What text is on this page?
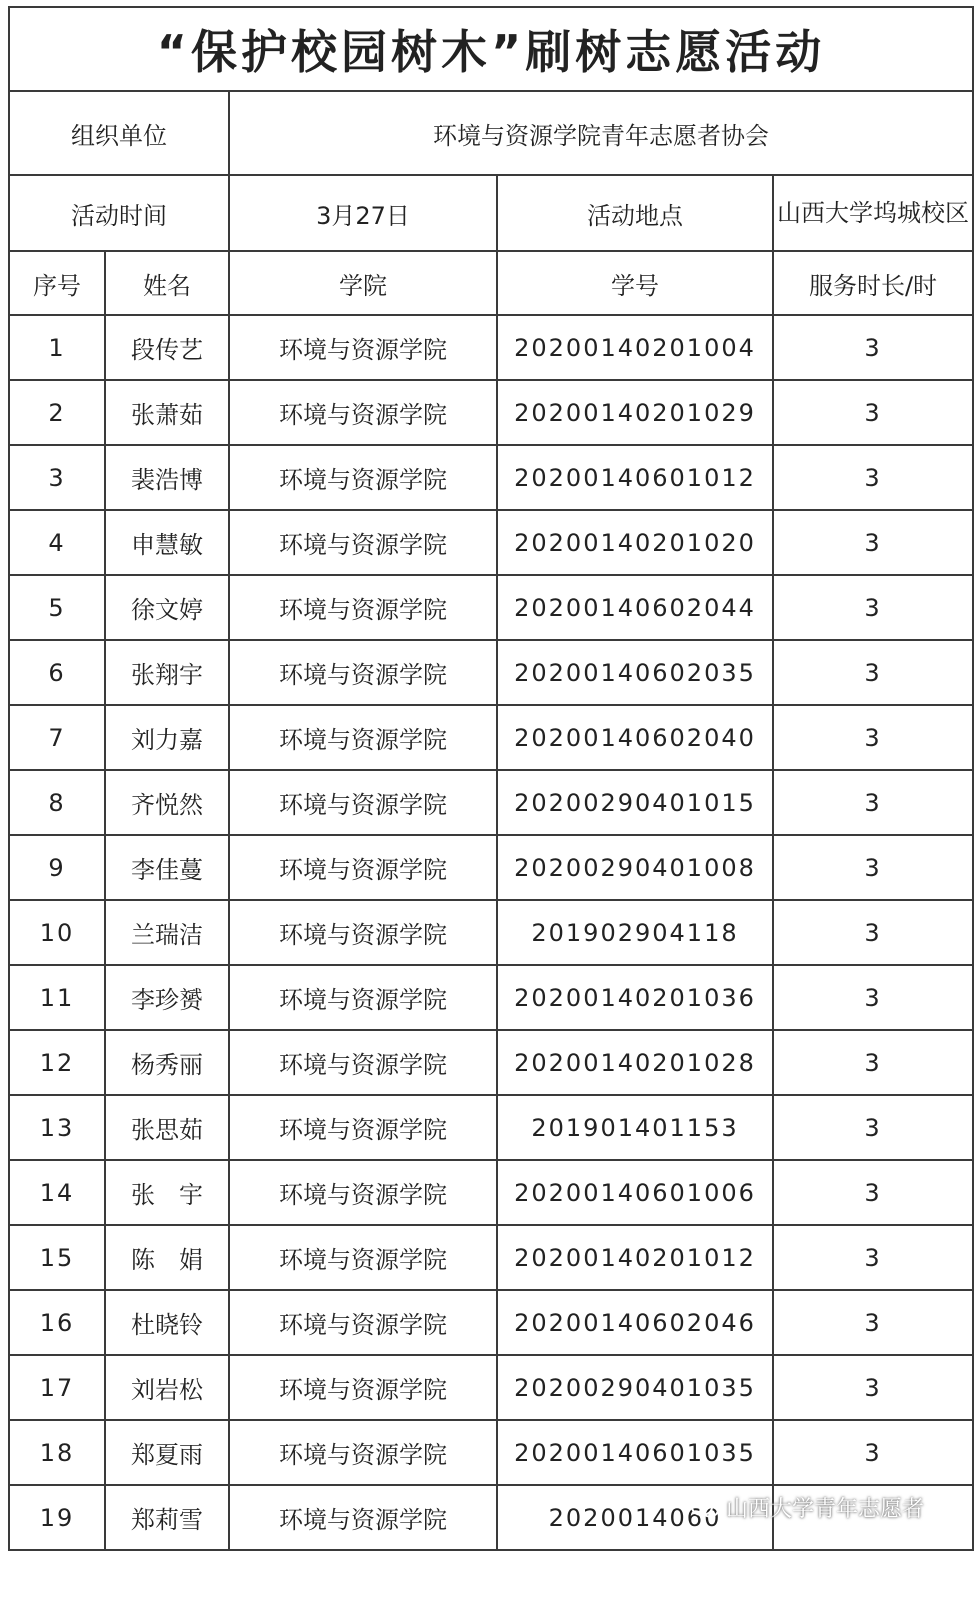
“保护校园树木”刷树志愿活动				
组织单位		环境与资源学院青年志愿者协会		
活动时间		3月27日	活动地点	山西大学坞城校区
序号	姓名	学院	学号	服务时长/时
1	段传艺	环境与资源学院	20200140201004	3
2	张萧茹	环境与资源学院	20200140201029	3
3	裴浩博	环境与资源学院	20200140601012	3
4	申慧敏	环境与资源学院	20200140201020	3
5	徐文婷	环境与资源学院	20200140602044	3
6	张翔宇	环境与资源学院	20200140602035	3
7	刘力嘉	环境与资源学院	20200140602040	3
8	齐悦然	环境与资源学院	20200290401015	3
9	李佳蔓	环境与资源学院	20200290401008	3
10	兰瑞洁	环境与资源学院	201902904118	3
11	李珍赟	环境与资源学院	20200140201036	3
12	杨秀丽	环境与资源学院	20200140201028	3
13	张思茹	环境与资源学院	201901401153	3
14	张　宇	环境与资源学院	20200140601006	3
15	陈　娟	环境与资源学院	20200140201012	3
16	杜晓铃	环境与资源学院	20200140602046	3
17	刘岩松	环境与资源学院	20200290401035	3
18	郑夏雨	环境与资源学院	20200140601035	3
19	郑莉雪	环境与资源学院	2020014060	山西大学青年志愿者
